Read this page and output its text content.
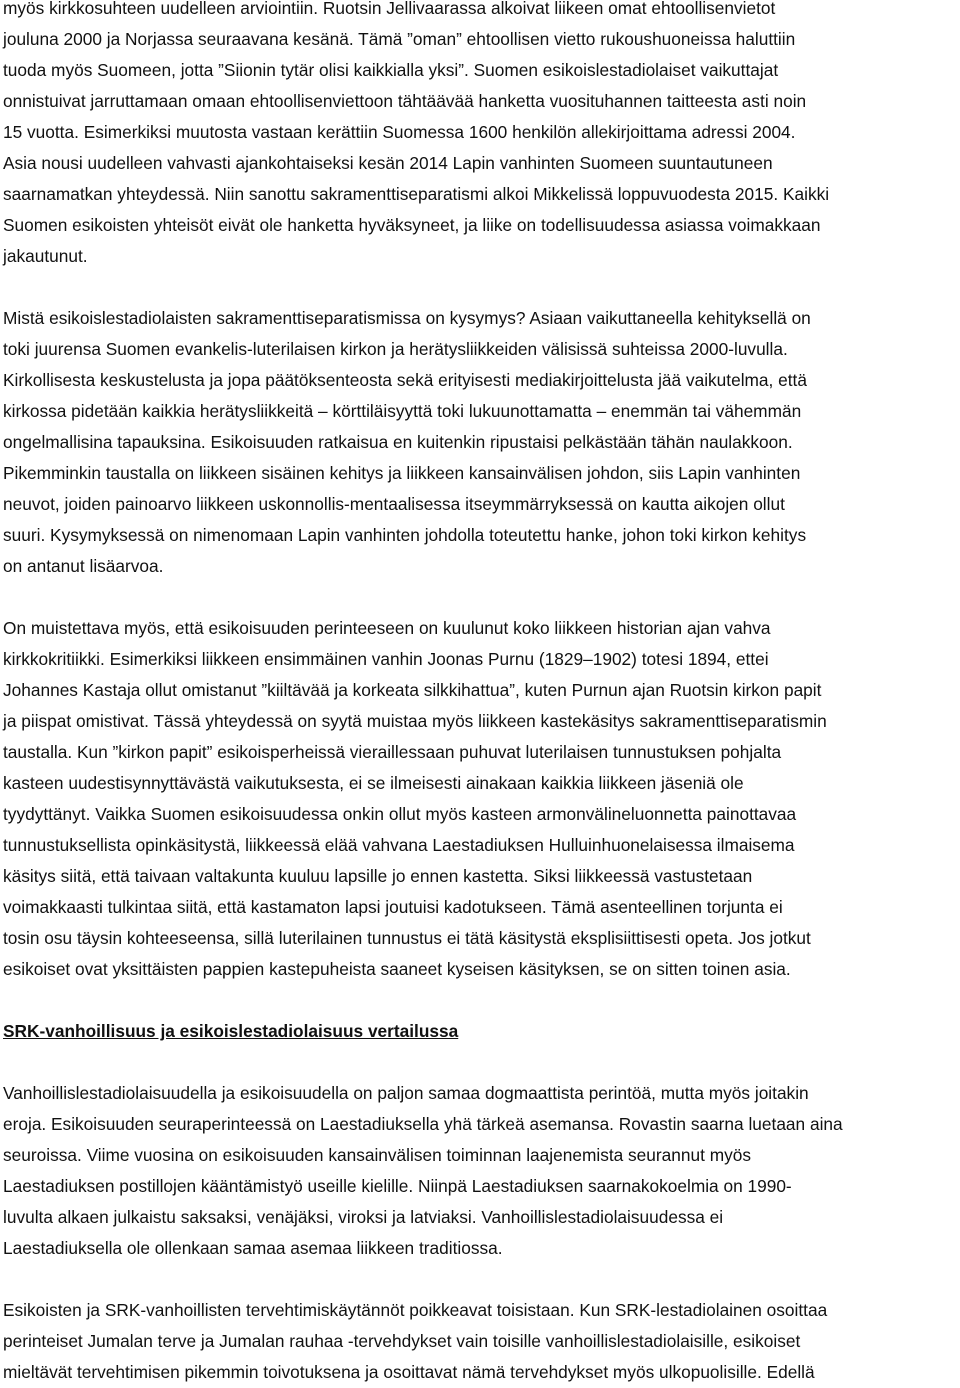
myös kirkkosuhteen uudelleen arviointiin. Ruotsin Jellivaarassa alkoivat liikeen omat ehtoollisenvietot
jouluna 2000 ja Norjassa seuraavana kesänä. Tämä ”oman” ehtoollisen vietto rukoushuoneissa haluttiin
tuoda myös Suomeen, jotta ”Siionin tytär olisi kaikkialla yksi”. Suomen esikoislestadiolaiset vaikuttajat
onnistuivat jarruttamaan omaan ehtoollisenviettoon tähtäävää hanketta vuosituhannen taitteesta asti noin
15 vuotta. Esimerkiksi muutosta vastaan kerättiin Suomessa 1600 henkilön allekirjoittama adressi 2004.
Asia nousi uudelleen vahvasti ajankohtaiseksi kesän 2014 Lapin vanhinten Suomeen suuntautuneen
saarnamatkan yhteydessä. Niin sanottu sakramenttiseparatismi alkoi Mikkelissä loppuvuodesta 2015. Kaikki
Suomen esikoisten yhteisöt eivät ole hanketta hyväksyneet, ja liike on todellisuudessa asiassa voimakkaan
jakautunut.
Mistä esikoislestadiolaisten sakramenttiseparatismissa on kysymys? Asiaan vaikuttaneella kehityksellä on
toki juurensa Suomen evankelis-luterilaisen kirkon ja herätysliikkeiden välisissä suhteissa 2000-luvulla.
Kirkollisesta keskustelusta ja jopa päätöksenteosta sekä erityisesti mediakirjoittelusta jää vaikutelma, että
kirkossa pidetään kaikkia herätysliikkeitä – körttiläisyyttä toki lukuunottamatta – enemmän tai vähemmän
ongelmallisina tapauksina. Esikoisuuden ratkaisua en kuitenkin ripustaisi pelkästään tähän naulakkoon.
Pikemminkin taustalla on liikkeen sisäinen kehitys ja liikkeen kansainvälisen johdon, siis Lapin vanhinten
neuvot, joiden painoarvo liikkeen uskonnollis-mentaalisessa itseymmärryksessä on kautta aikojen ollut
suuri. Kysymyksessä on nimenomaan Lapin vanhinten johdolla toteutettu hanke, johon toki kirkon kehitys
on antanut lisäarvoa.
On muistettava myös, että esikoisuuden perinteeseen on kuulunut koko liikkeen historian ajan vahva
kirkkokritiikki. Esimerkiksi liikkeen ensimmäinen vanhin Joonas Purnu (1829–1902) totesi 1894, ettei
Johannes Kastaja ollut omistanut ”kiiltävää ja korkeata silkkihattua”, kuten Purnun ajan Ruotsin kirkon papit
ja piispat omistivat. Tässä yhteydessä on syytä muistaa myös liikkeen kastekäsitys sakramenttiseparatismin
taustalla. Kun ”kirkon papit” esikoisperheissä vieraillessaan puhuvat luterilaisen tunnustuksen pohjalta
kasteen uudestisynnyttävästä vaikutuksesta, ei se ilmeisesti ainakaan kaikkia liikkeen jäseniä ole
tyydyttänyt. Vaikka Suomen esikoisuudessa onkin ollut myös kasteen armonvälineluonnetta painottavaa
tunnustuksellista opinkäsitystä, liikkeessä elää vahvana Laestadiuksen Hulluinhuonelaisessa ilmaisema
käsitys siitä, että taivaan valtakunta kuuluu lapsille jo ennen kastetta. Siksi liikkeessä vastustetaan
voimakkaasti tulkintaa siitä, että kastamaton lapsi joutuisi kadotukseen. Tämä asenteellinen torjunta ei
tosin osu täysin kohteeseensa, sillä luterilainen tunnustus ei tätä käsitystä eksplisiittisesti opeta. Jos jotkut
esikoiset ovat yksittäisten pappien kastepuheista saaneet kyseisen käsityksen, se on sitten toinen asia.
SRK-vanhoillisuus ja esikoislestadiolaisuus vertailussa
Vanhoillislestadiolaisuudella ja esikoisuudella on paljon samaa dogmaattista perintöä, mutta myös joitakin
eroja. Esikoisuuden seuraperinteessä on Laestadiuksella yhä tärkeä asemansa. Rovastin saarna luetaan aina
seuroissa. Viime vuosina on esikoisuuden kansainvälisen toiminnan laajenemista seurannut myös
Laestadiuksen postillojen kääntämistyö useille kielille. Niinpä Laestadiuksen saarnakokoelmia on 1990-
luvulta alkaen julkaistu saksaksi, venäjäksi, viroksi ja latviaksi. Vanhoillislestadiolaisuudessa ei
Laestadiuksella ole ollenkaan samaa asemaa liikkeen traditiossa.
Esikoisten ja SRK-vanhoillisten tervehtimiskäytännöt poikkeavat toisistaan. Kun SRK-lestadiolainen osoittaa
perinteiset Jumalan terve ja Jumalan rauhaa -tervehdykset vain toisille vanhoillislestadiolaisille, esikoiset
mieltävät tervehtimisen pikemmin toivotuksena ja osoittavat nämä tervehdykset myös ulkopuolisille. Edellä
